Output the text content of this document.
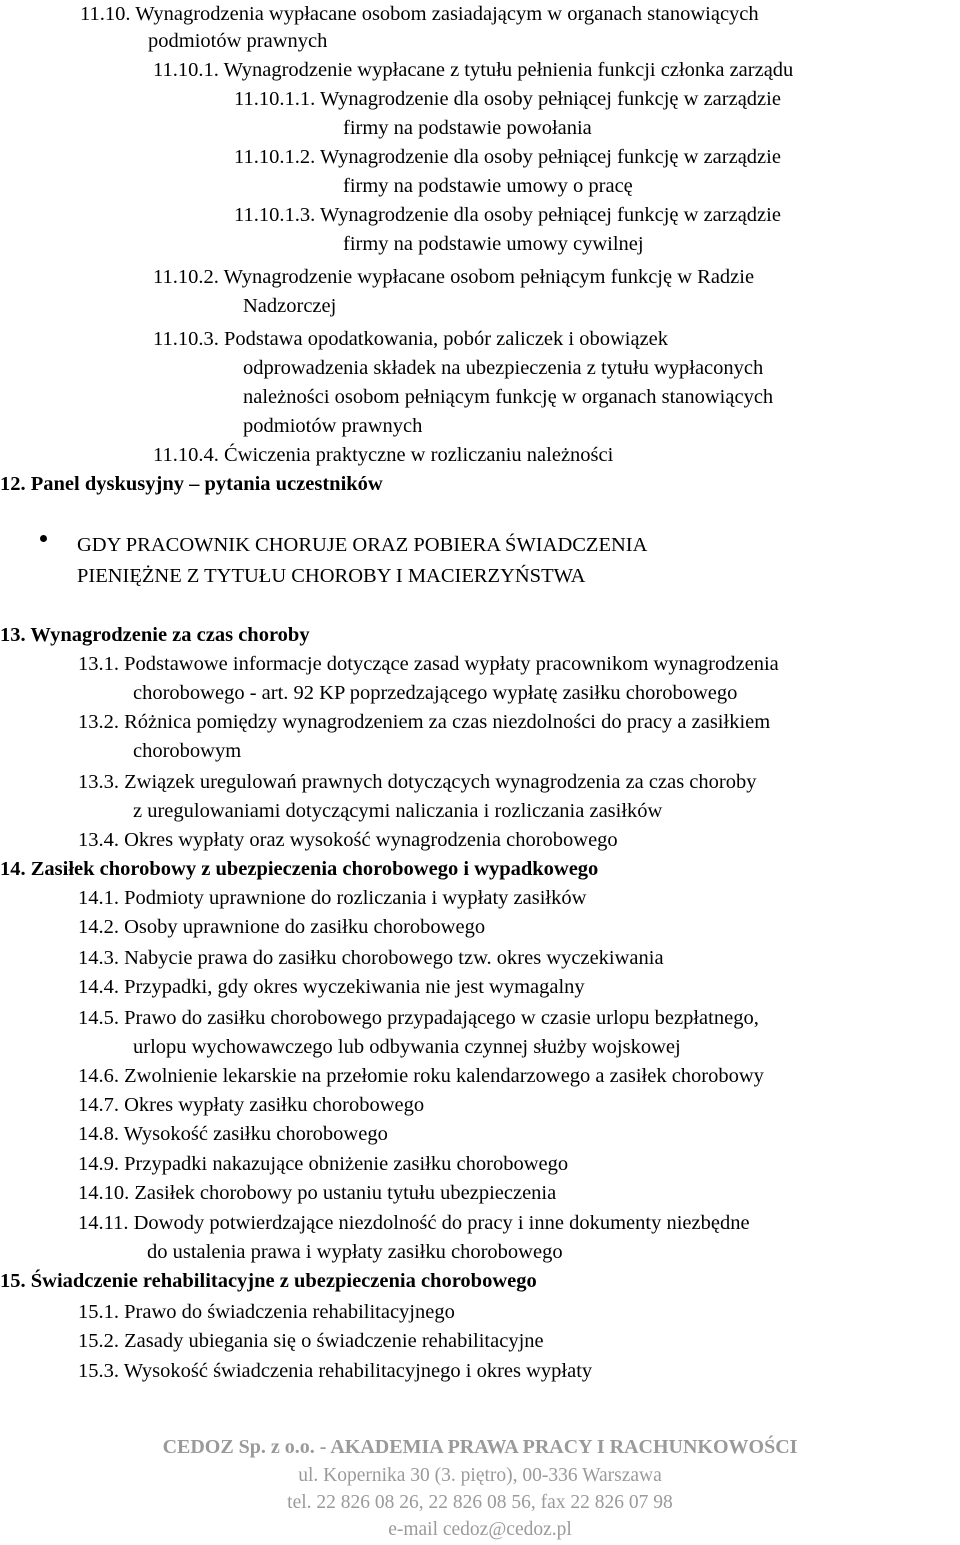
11.10. Wynagrodzenia wypłacane osobom zasiadającym w organach stanowiących
podmiotów prawnych
11.10.1. Wynagrodzenie wypłacane z tytułu pełnienia funkcji członka zarządu
11.10.1.1. Wynagrodzenie dla osoby pełniącej funkcję w zarządzie
firmy na podstawie powołania
11.10.1.2. Wynagrodzenie dla osoby pełniącej funkcję w zarządzie
firmy na podstawie umowy o pracę
11.10.1.3. Wynagrodzenie dla osoby pełniącej funkcję w zarządzie
firmy na podstawie umowy cywilnej
11.10.2. Wynagrodzenie wypłacane osobom pełniącym funkcję w Radzie
Nadzorczej
11.10.3. Podstawa opodatkowania, pobór zaliczek i obowiązek
odprowadzenia składek na ubezpieczenia z tytułu wypłaconych
należności osobom pełniącym funkcję w organach stanowiących
podmiotów prawnych
11.10.4. Ćwiczenia praktyczne w rozliczaniu należności
12. Panel dyskusyjny – pytania uczestników
GDY PRACOWNIK CHORUJE ORAZ POBIERA ŚWIADCZENIA
PIENIĘŻNE Z TYTUŁU CHOROBY I MACIERZYŃSTWA
13. Wynagrodzenie za czas choroby
13.1. Podstawowe informacje dotyczące zasad wypłaty pracownikom wynagrodzenia
chorobowego - art. 92 KP poprzedzającego wypłatę zasiłku chorobowego
13.2. Różnica pomiędzy wynagrodzeniem za czas niezdolności do pracy a zasiłkiem
chorobowym
13.3. Związek uregulowań prawnych dotyczących wynagrodzenia za czas choroby
z uregulowaniami dotyczącymi naliczania i rozliczania zasiłków
13.4. Okres wypłaty oraz wysokość wynagrodzenia chorobowego
14. Zasiłek chorobowy z ubezpieczenia chorobowego i wypadkowego
14.1. Podmioty uprawnione do rozliczania i wypłaty zasiłków
14.2. Osoby uprawnione do zasiłku chorobowego
14.3. Nabycie prawa do zasiłku chorobowego tzw. okres wyczekiwania
14.4. Przypadki, gdy okres wyczekiwania nie jest wymagalny
14.5. Prawo do zasiłku chorobowego przypadającego w czasie urlopu bezpłatnego,
urlopu wychowawczego lub odbywania czynnej służby wojskowej
14.6. Zwolnienie lekarskie na przełomie roku kalendarzowego a zasiłek chorobowy
14.7. Okres wypłaty zasiłku chorobowego
14.8. Wysokość zasiłku chorobowego
14.9. Przypadki nakazujące obniżenie zasiłku chorobowego
14.10. Zasiłek chorobowy po ustaniu tytułu ubezpieczenia
14.11. Dowody potwierdzające niezdolność do pracy i inne dokumenty niezbędne
do ustalenia prawa i wypłaty zasiłku chorobowego
15. Świadczenie rehabilitacyjne z ubezpieczenia chorobowego
15.1. Prawo do świadczenia rehabilitacyjnego
15.2. Zasady ubiegania się o świadczenie rehabilitacyjne
15.3. Wysokość świadczenia rehabilitacyjnego i okres wypłaty
CEDOZ Sp. z o.o. - AKADEMIA PRAWA PRACY I RACHUNKOWOŚCI
ul. Kopernika 30 (3. piętro), 00-336 Warszawa
tel. 22 826 08 26, 22 826 08 56, fax 22 826 07 98
e-mail cedoz@cedoz.pl
